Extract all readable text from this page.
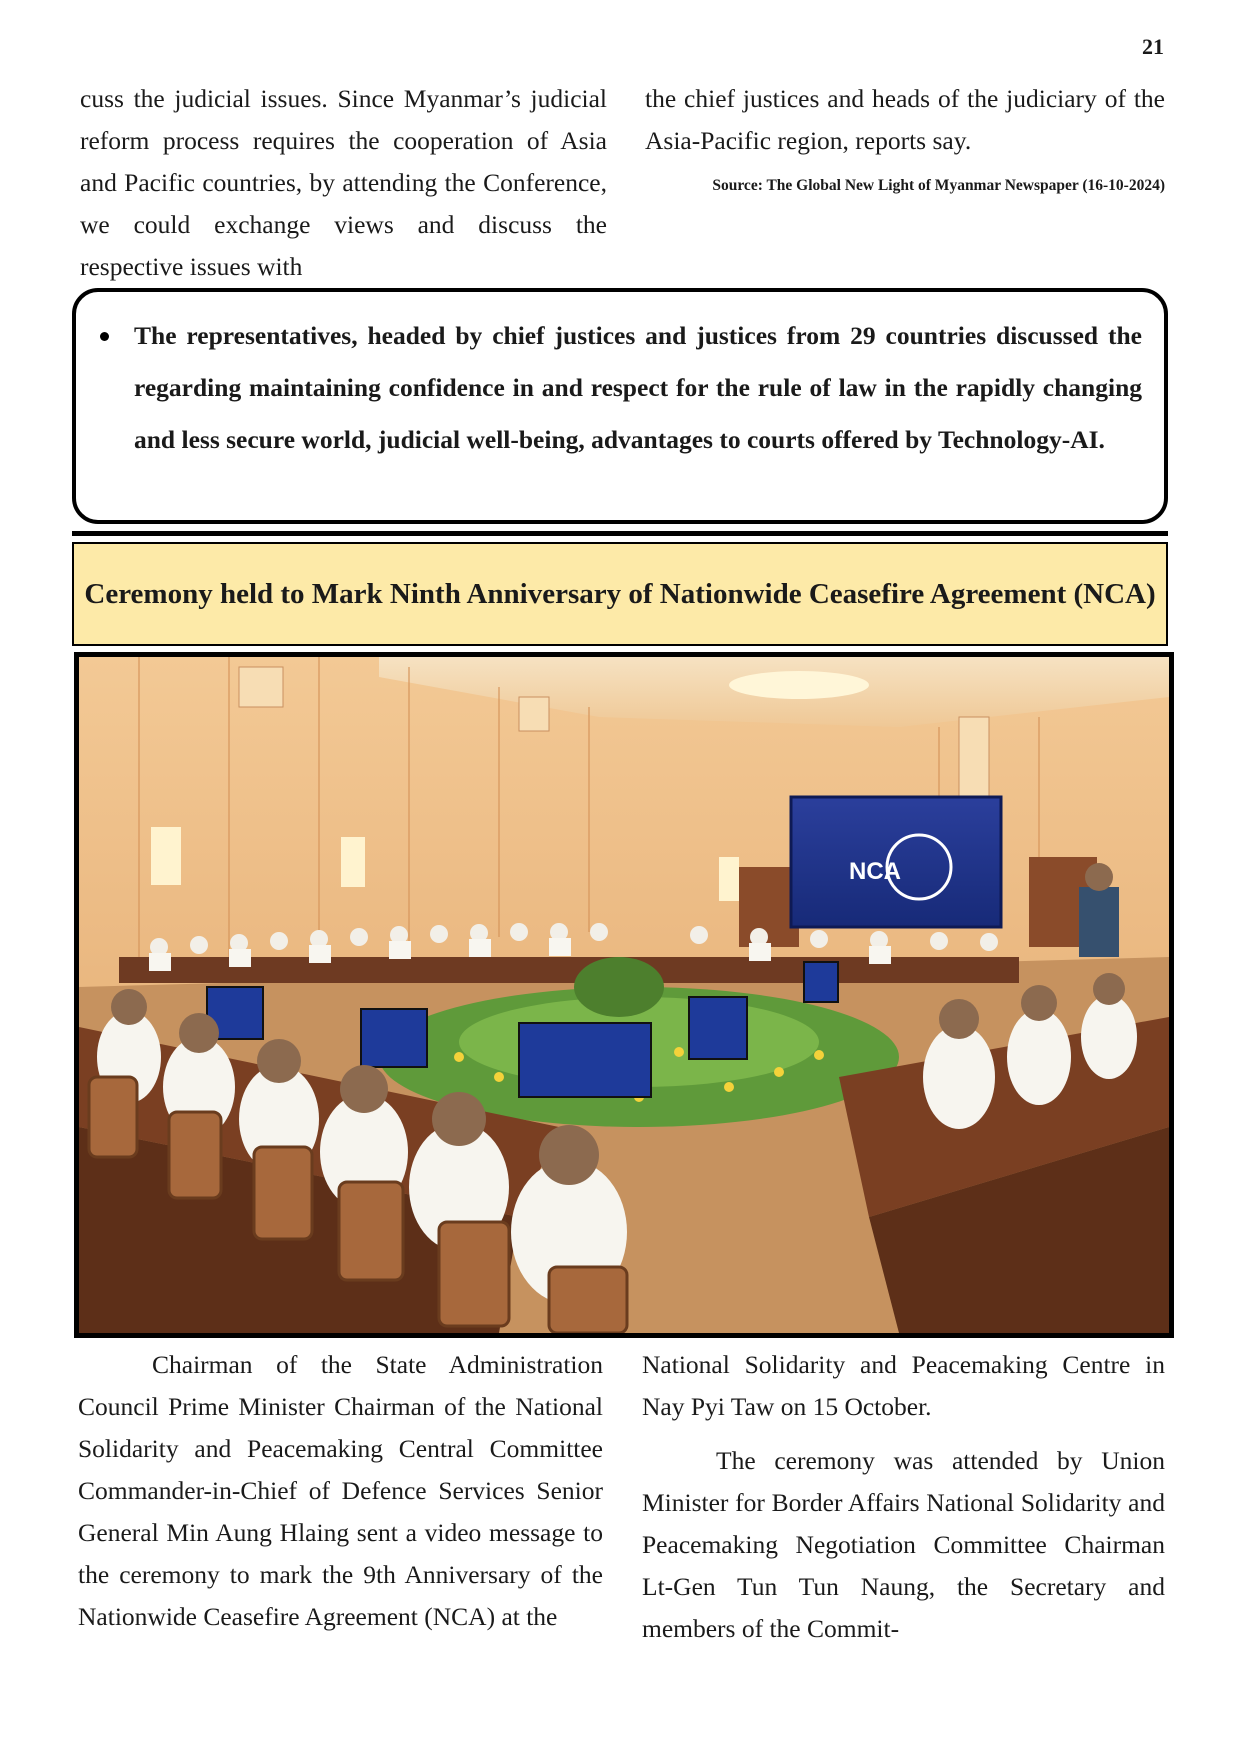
21

cuss the judicial issues. Since Myanmar’s judicial reform process requires the cooperation of Asia and Pacific countries, by attending the Conference, we could exchange views and discuss the respective issues with

the chief justices and heads of the judiciary of the Asia-Pacific region, reports say.

Source: The Global New Light of Myanmar Newspaper (16-10-2024)
The representatives, headed by chief justices and justices from 29 countries discussed the regarding maintaining confidence in and respect for the rule of law in the rapidly changing and less secure world, judicial well-being, advantages to courts offered by Technology-AI.
Ceremony held to Mark Ninth Anniversary of Nationwide Ceasefire Agreement (NCA)
NCA

Chairman of the State Administration Council Prime Minister Chairman of the National Solidarity and Peacemaking Central Committee Commander-in-Chief of Defence Services Senior General Min Aung Hlaing sent a video message to the ceremony to mark the 9th Anniversary of the Nationwide Ceasefire Agreement (NCA) at the

National Solidarity and Peacemaking Centre in Nay Pyi Taw on 15 October.

The ceremony was attended by Union Minister for Border Affairs National Solidarity and Peacemaking Negotiation Committee Chairman Lt-Gen Tun Tun Naung, the Secretary and members of the Commit-
